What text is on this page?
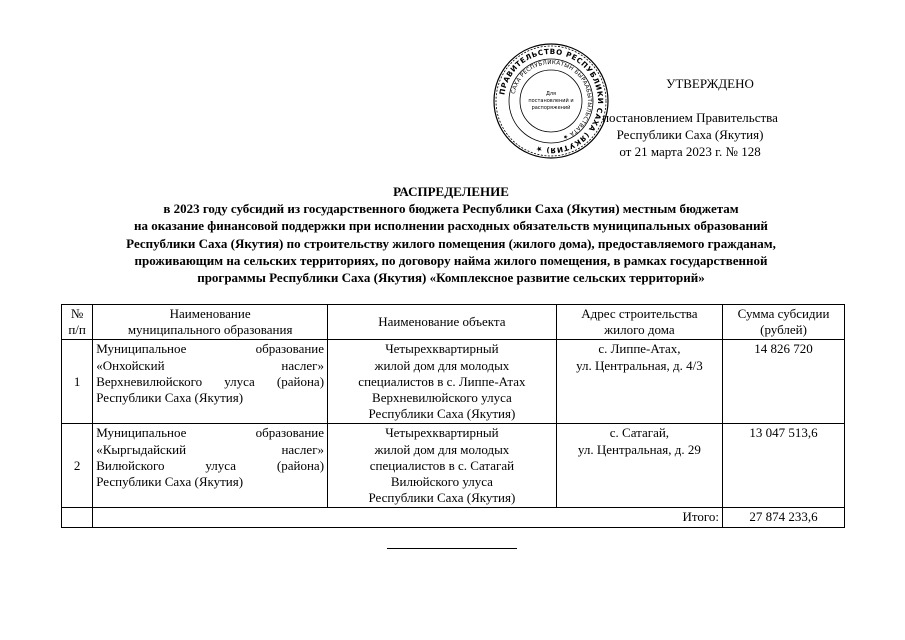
ПРАВИТЕЛЬСТВО РЕСПУБЛИКИ САХА (ЯКУТИЯ) ★
САХА РЕСПУБЛИКАТЫН БЫРААБЫТЫЛЬСТВАТА ★
Для
постановлений и
распоряжений
УТВЕРЖДЕНО
постановлением Правительства
Республики Саха (Якутия)
от 21 марта 2023 г. № 128
РАСПРЕДЕЛЕНИЕ
в 2023 году субсидий из государственного бюджета Республики Саха (Якутия) местным бюджетам
на оказание финансовой поддержки при исполнении расходных обязательств муниципальных образований
Республики Саха (Якутия) по строительству жилого помещения (жилого дома), предоставляемого гражданам,
проживающим на сельских территориях, по договору найма жилого помещения, в рамках государственной
программы Республики Саха (Якутия) «Комплексное развитие сельских территорий»
№
п/п	Наименование
муниципального образования	Наименование объекта	Адрес строительства
жилого дома	Сумма субсидии
(рублей)

1	Муниципальное образование
«Онхойский наслег»
Верхневилюйского улуса (района)
Республики Саха (Якутия)	Четырехквартирный
жилой дом для молодых
специалистов в с. Липпе-Атах
Верхневилюйского улуса
Республики Саха (Якутия)	с. Липпе-Атах,
ул. Центральная, д. 4/3	14 826 720
2	Муниципальное образование
«Кыргыдайский наслег»
Вилюйского улуса (района)
Республики Саха (Якутия)	Четырехквартирный
жилой дом для молодых
специалистов в с. Сатагай
Вилюйского улуса
Республики Саха (Якутия)	с. Сатагай,
ул. Центральная, д. 29	13 047 513,6
	Итого:			27 874 233,6
